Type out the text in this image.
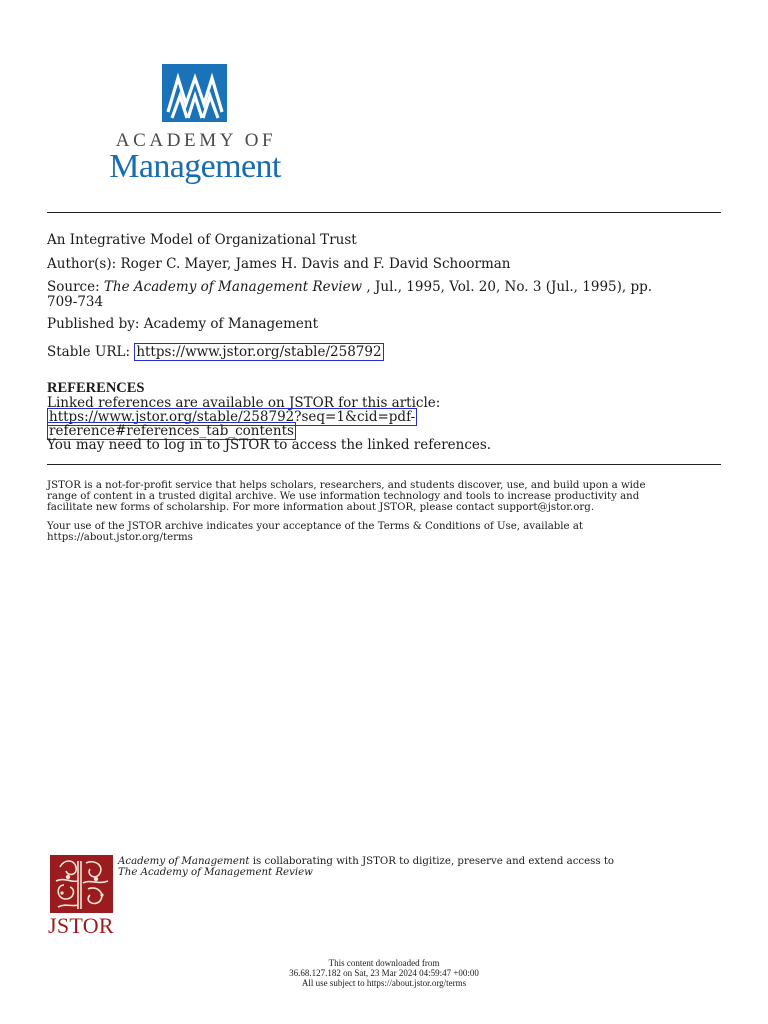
ACADEMY OF
Management
An Integrative Model of Organizational Trust
Author(s): Roger C. Mayer, James H. Davis and F. David Schoorman
Source: The Academy of Management Review , Jul., 1995, Vol. 20, No. 3 (Jul., 1995), pp.
709-734
Published by: Academy of Management
Stable URL: https://www.jstor.org/stable/258792
REFERENCES
Linked references are available on JSTOR for this article:
https://www.jstor.org/stable/258792?seq=1&cid=pdf-
reference#references_tab_contents
You may need to log in to JSTOR to access the linked references.
JSTOR is a not-for-profit service that helps scholars, researchers, and students discover, use, and build upon a wide
range of content in a trusted digital archive. We use information technology and tools to increase productivity and
facilitate new forms of scholarship. For more information about JSTOR, please contact support@jstor.org.
Your use of the JSTOR archive indicates your acceptance of the Terms & Conditions of Use, available at
https://about.jstor.org/terms
JSTOR
Academy of Management is collaborating with JSTOR to digitize, preserve and extend access to
The Academy of Management Review
This content downloaded from
36.68.127.182 on Sat, 23 Mar 2024 04:59:47 +00:00
All use subject to https://about.jstor.org/terms
